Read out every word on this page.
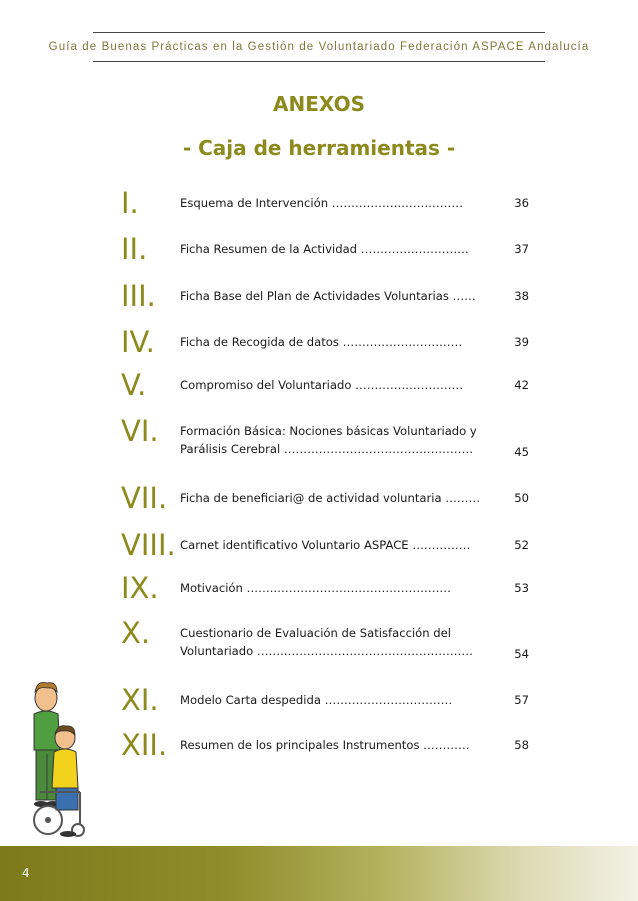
Guía de Buenas Prácticas en la Gestión de Voluntariado Federación ASPACE Andalucía
ANEXOS
- Caja de herramientas -
I.	Esquema de Intervención ……………….……………	36
II.	Ficha Resumen de la Actividad ………….……………	37
III. Ficha Base del Plan de Actividades Voluntarias ……	38
IV. Ficha de Recogida de datos ……………….…………	39
V.	Compromiso del Voluntariado ………….……………	42
VI. Formación Básica: Nociones básicas Voluntariado y
Parálisis Cerebral ……………………………….…………	45
VII. Ficha de beneficiari@ de actividad voluntaria ………	50
VIII. Carnet identificativo Voluntario ASPACE ……………	52
IX. Motivación ……..………………………………………	53
X.	Cuestionario de Evaluación de Satisfacción del
Voluntariado ……..…………………………………………	54
XI. Modelo Carta despedida ……………………………	57
XII. Resumen de los principales Instrumentos …………	58
4
